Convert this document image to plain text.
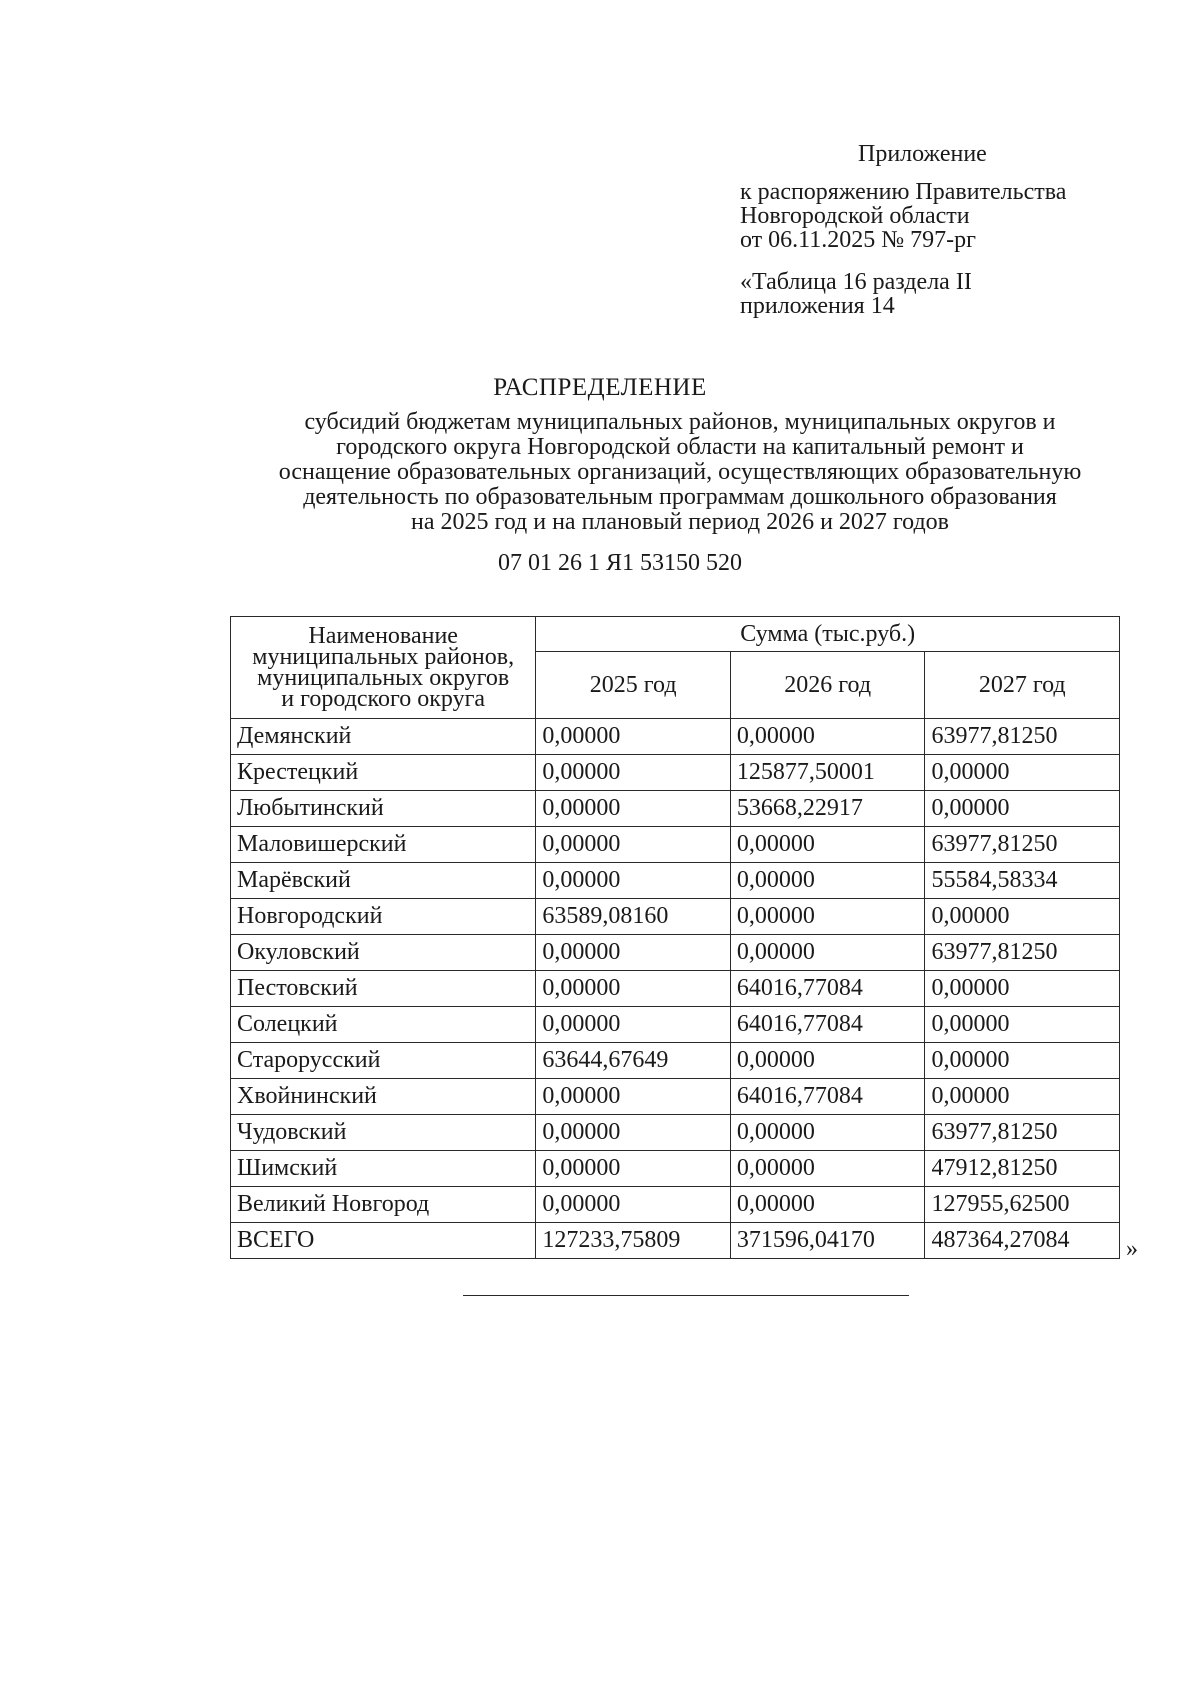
Приложение
к распоряжению Правительства
Новгородской области
от 06.11.2025 № 797-рг
«Таблица 16 раздела II
приложения 14
РАСПРЕДЕЛЕНИЕ
субсидий бюджетам муниципальных районов, муниципальных округов и
городского округа Новгородской области на капитальный ремонт и
оснащение образовательных организаций, осуществляющих образовательную
деятельность по образовательным программам дошкольного образования
на 2025 год и на плановый период 2026 и 2027 годов
07 01 26 1 Я1 53150 520
Наименование
муниципальных районов,
муниципальных округов
и городского округа	Сумма (тыс.руб.)		
	2025 год	2026 год	2027 год
Демянский	0,00000	0,00000	63977,81250
Крестецкий	0,00000	125877,50001	0,00000
Любытинский	0,00000	53668,22917	0,00000
Маловишерский	0,00000	0,00000	63977,81250
Марёвский	0,00000	0,00000	55584,58334
Новгородский	63589,08160	0,00000	0,00000
Окуловский	0,00000	0,00000	63977,81250
Пестовский	0,00000	64016,77084	0,00000
Солецкий	0,00000	64016,77084	0,00000
Старорусский	63644,67649	0,00000	0,00000
Хвойнинский	0,00000	64016,77084	0,00000
Чудовский	0,00000	0,00000	63977,81250
Шимский	0,00000	0,00000	47912,81250
Великий Новгород	0,00000	0,00000	127955,62500
ВСЕГО	127233,75809	371596,04170	487364,27084 »
